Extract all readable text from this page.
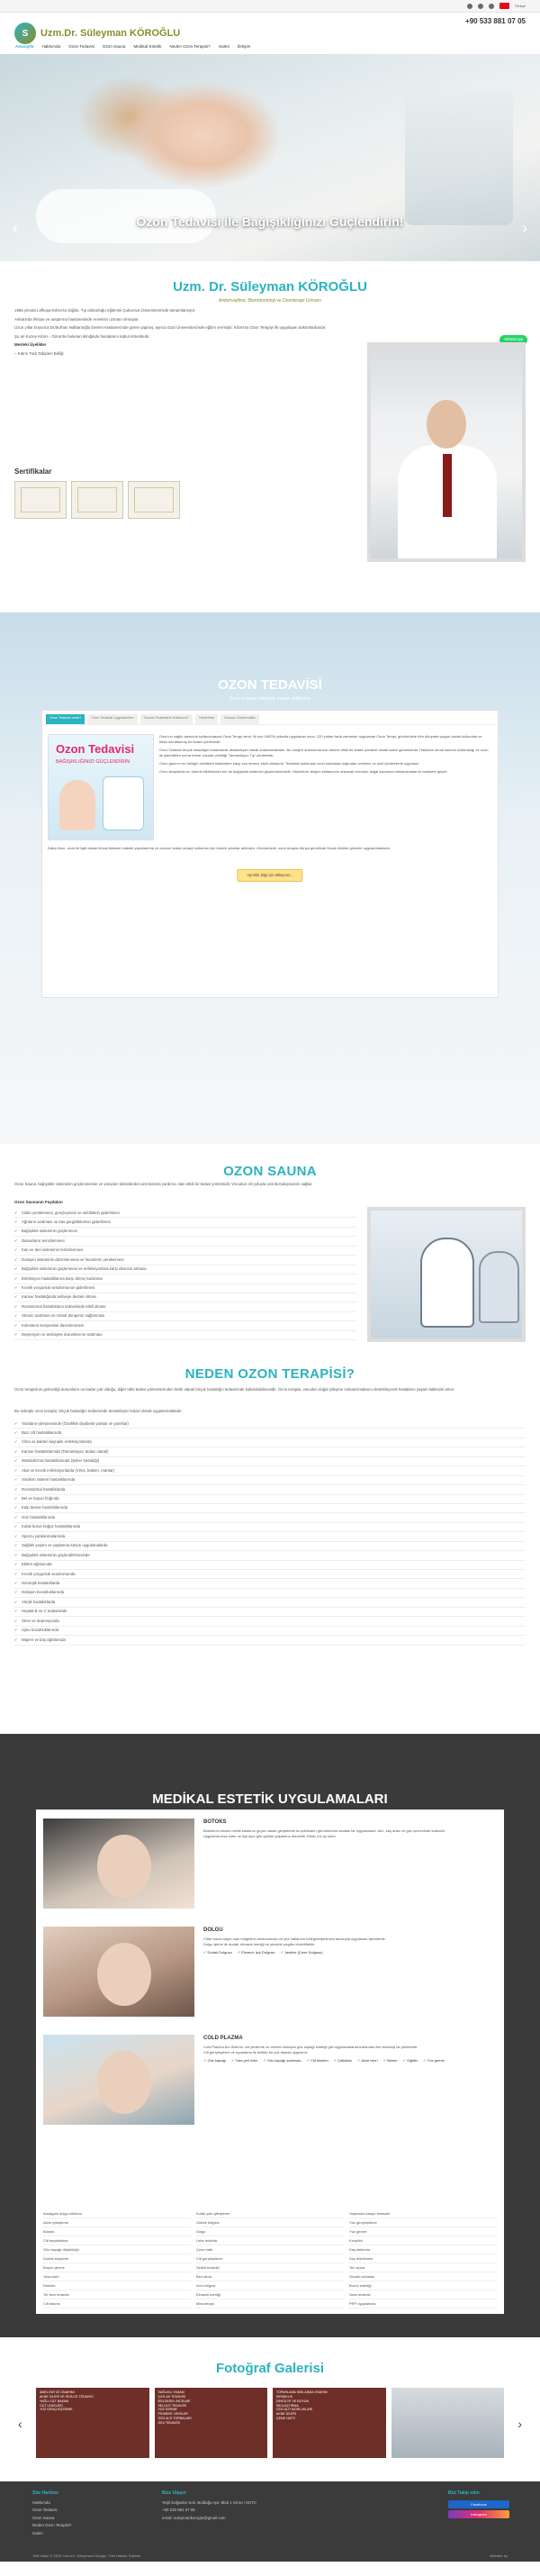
Türkçe
S	Uzm.Dr. Süleyman KÖROĞLU
+90 533 881 07 05
Anasayfa Hakkımda Ozon Tedavisi Ozon Sauna Medikal Estetik Neden Ozon Terapisi? Galeri İletişim
Ozon Tedavisi ile Bağışıklığınızı Güçlendirin!
‹	›
Uzm. Dr. Süleyman KÖROĞLU
Antienvejilme, Biorödontoloji ve Ozonterapi Uzmanı

1966 yılında Lefkoşa-Kıbrıs'ta doğdu. Tıp doktorluğu eğitimini Çukurova Üniversitesi'nde tamamlamıştır.

Ankara'da ihtisas ve araştırma hastanesinde Anestezi uzmanı olmuştur.

Uzun yıllar boyunca Dr.Burhan Nalbantoğlu Devlet Hastanesi'nde görev yapmış, ayrıca Gazi Üniversitesi'nde eğitim vermiştir. Kıbrıs'ta Ozon Terapiyi ilk uygulayan doktorlardandır.

Şu an Kuzey Kıbrıs - Girne'de bulunan kliniğinde hastalarını kabul etmektedir.

Mesleki Üyelikler

– Kıbrıs Türk Tabipleri Birliği

WhatsApp
Sertifikalar
OZON TEDAVİSİ
Ozon tedavisi hakkında merak ettikleriniz
Ozon Tedavisi nedir?	Ozon Tedavisi Uygulanırken	Ozonlu Tedavilerin Kullanımı?	Yöntemler	Ozonun Kontrendike
Ozon Tedavisi
BAĞIŞIKLIĞINIZI GÜÇLENDİRİN

Ozon'un sağlık alanında kullanılmasına Ozon Terapi denir. İlk kez 1800'lü yıllarda uygulanan ozon, 120 yıldan fazla zamandır uygulanan Ozon Terapi, günümüzde tüm dünyada yaygın olarak kullanılan ve etkisi kanıtlanmış bir tedavi yöntemidir.

Ozon Tedavisi birçok hastalığın tedavisinde destekleyici olarak kullanılmaktadır. Bu oksijen anlamında son derece etkili bir tedavi yöntemi olarak kabul görmektedir. Hastanın kendi kanının kullanıldığı ve ozon ile işlendikten sonra tekrar vücuda verildiği 'Tamamlayıcı Tıp' yöntemidir.

Ozon gazının en belirgin özellikleri bakterilere karşı son derece etkili olmasıdır. Tedavide kullanılan ozon hastalara doğrudan verilmez ve özel yöntemlerle uygulanır.

Ozon terapisinin en önemli etkilerinden biri de bağışıklık sistemini güçlendirmesidir. Hücrelerin oksijen kullanımını artırarak vücudun doğal savunma mekanizmalarını harekete geçirir.

Daha önce, ozon ile ilgili olarak birçok bilimsel makale yayınlanmış ve ozonun tedavi amaçlı kullanımı için önemli adımlar atılmıştır. Günümüzde, ozon terapisi dünya genelinde birçok klinikte güvenle uygulanmaktadır.
Ayrıntılı bilgi için tıklayınız...
OZON SAUNA
Ozon Sauna, bağışıklık sisteminin güçlenmesine ve vücudun toksinlerden arınmasına yardımcı olan etkili bir tedavi yöntemidir. Vücudun cilt yoluyla ozonla buluşmasını sağlar.
Ozon Saunanın Faydaları
✔ Cildin yenilenmesi, gençleşmesi ve selülitlerin giderilmesi
✔ Ağrıların azalması ve kas gerginliklerinin giderilmesi
✔ Bağışıklık sisteminin güçlenmesi
✔ Damarların temizlenmesi
✔ Kan ve deri sisteminin temizlenmesi
✔ Dolaşım sisteminin düzenlenmesi ve hücrelerin yenilenmesi
✔ Bağışıklık sisteminin güçlenmesi ve enfeksiyonlara karşı direncin artması
✔ Enfeksiyon hastalıklarına karşı direnç kazanma
✔ Kronik yorgunluk sendromunun giderilmesi
✔ Kanser hastalığında tedaviye destek olması
✔ Romatizmal hastalıkların tedavisinde etkili olması
✔ Stresin azalması ve ruhsal dengenin sağlanması
✔ Kolesterol seviyesinin düzenlenmesi
✔ Depresyon ve anksiyete durumlarının azalması
NEDEN OZON TERAPİSİ?
Ozon terapisinin gelmediği durumların ne kadar çok olduğu, diğer tıbbi tedavi yöntemlerinden farklı olarak birçok hastalığın tedavisinde kullanılabilmesidir. Ozon terapisi, vücudun doğal iyileşme mekanizmalarını destekleyerek hastaların yaşam kalitesini artırır.
Bu sebeple ozon terapisi, birçok hastalığın tedavisinde destekleyici tedavi olarak uygulanmaktadır:
✔ Yaraların iyileşmesinde (Özellikle diyabetik yaralar ve yanıklar)
✔ Bazı cilt hastalıklarında
✔ Virüs ve bakteri kaynaklı enfeksiyonlarda
✔ Kanser hastalıklarında (Tamamlayıcı tedavi olarak)
✔ Metabolizma hastalıklarında (Şeker hastalığı)
✔ Akut ve kronik enfeksiyonlarda (Virüs, bakteri, mantar)
✔ Sindirim sistemi hastalıklarında
✔ Romatizmal hastalıklarda
✔ Bel ve boyun fıtığında
✔ Kalp damar hastalıklarında
✔ Göz hastalıklarında
✔ Kulak burun boğaz hastalıklarında
✔ Sporcu yaralanmalarında
✔ Sağlıklı yaşam ve yaşlanma karşıtı uygulamalarda
✔ Bağışıklık sisteminin güçlendirilmesinde
✔ Eklem ağrılarında
✔ Kronik yorgunluk sendromunda
✔ Nörolojik hastalıklarda
✔ Dolaşım bozukluklarında
✔ Alerjik hastalıklarda
✔ Hepatit B ve C tedavisinde
✔ Stres ve depresyonda
✔ Uyku bozukluklarında
✔ Migren ve baş ağrılarında
MEDİKAL ESTETİK UYGULAMALARI
BOTOKS

Botulinum toksini mimik kaslarını geçici olarak gevşeterek kırışıklıkların görünümünü azaltan bir uygulamadır. Alın, kaş arası ve göz çevresinde kullanılır.

Uygulama kısa sürer ve kişi aynı gün günlük yaşamına dönebilir. Etkisi 4-6 ay sürer.

DOLGU

Ciltte hacim kaybı olan bölgelerin doldurulması ve yüz hatlarının belirginleştirilmesi amacıyla uygulanan işlemlerdir.

Dolgu işlemi ile dudak, elmacık kemiği ve yüzdeki çizgiler düzeltilebilir.

✔ Dudak Dolgusu	✔ Elmacık Işık Dolgusu	✔ Jawline (Çene Dolgusu)
COLD PLAZMA

Cold Plazma Arc Sistemi, cilt yenileme ve cerrahi olmayan göz kapağı estetiği gibi uygulamalarda kullanılan ileri teknoloji bir yöntemdir.

Cilt gençleştirme ve toparlama ile birlikte bir çok alanda uygulanır:

✔ Göz kapağı	✔ Yara yeri izleri	✔ Göz kapağı sarkması	✔ Cilt lekeleri	✔ Çatlaklar	✔ Akne izleri	✔ Benler	✔ Siğiller	✔ Yüz germe
Amalgam dolgu sökümü	Kulak yolu iyileştirme	Yaşlanma karşıtı tedaviler
Akne iyileştirme	Göbek bölgesi	Yüz gençleştirme
Botoks	Dolgu	Yüz germe
Cilt beyazlatma	Leke tedavisi	Kırışıklık
Göz kapağı düşüklüğü	Çene hattı	Kaş kaldırma
Dudak büyütme	Cilt gençleştirme	Saç dökülmesi
Boyun germe	Selülit tedavisi	Ten açma
Yara izleri	Ben alma	Gözaltı torbaları
Dekolte	Gıdı bölgesi	Burun estetiği
Ter bezi tedavisi	Elmacık kemiği	Varis tedavisi
Cilt bakımı	Mezoterapi	PRP uygulaması
Fotoğraf Galerisi
‹
AMELİYAT İZİ ONARIMI
AKNE İZLERİ VE SİVİLCE TEDAVİSİ
YAĞLI CİLT BAKIMI
CİLT LEKELERİ
YÜZ GENÇLEŞTİRME
SAĞLIKLI YAŞAM
ÇATLAK TEDAVİSİ
BÖLGESEL İNCELME
SELÜLİT TEDAVİSİ
YÜZ GERME
PİGMENT LEKELER
GÖZ ALTI TORBALARI
GIDI TEDAVİSİ
TOPARLAMA SIKILAŞMA ONARIM
KIRIŞIKLIK
DEKOLTE VE BOYUN
SIKILAŞTIRMA
GÖZ ALTI MORLUKLARI
AKNE İZLERİ
ÇENE HATTI	›
Site Haritası
Hakkımda
Ozon Tedavisi
Ozon Sauna
Neden Ozon Terapisi?
Galeri
Bize Ulaşın
Yeşil Doğanlar Sok. Bulduğu Apt. Blok 1 Girne / KKTC
+90 533 881 07 05
email: suleymankoroglu@gmail.com
Bizi Takip edin
Facebook
Instagram
Telif Hakkı © 2025 Uzm.Dr. Süleyman Köroğlu. Tüm Hakları Saklıdır.	Website by
